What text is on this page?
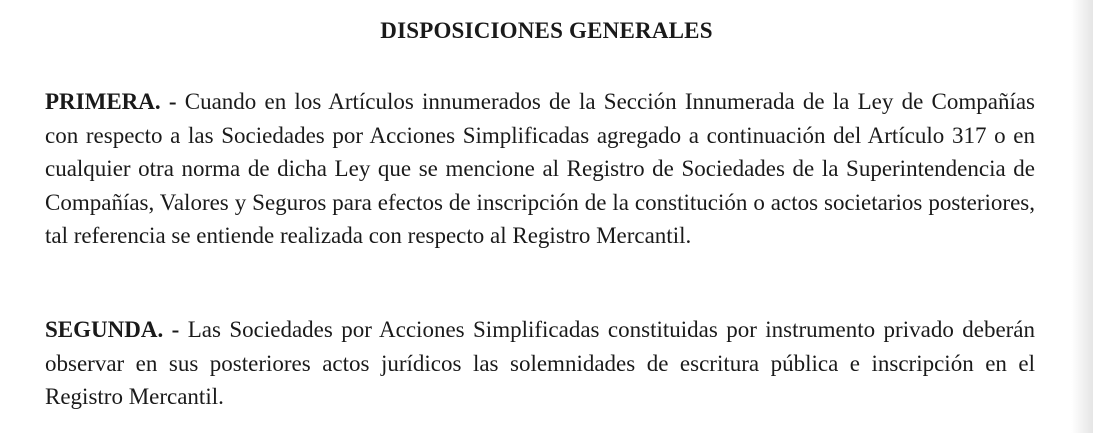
DISPOSICIONES GENERALES
PRIMERA. - Cuando en los Artículos innumerados de la Sección Innumerada de la Ley de Compañías con respecto a las Sociedades por Acciones Simplificadas agregado a continuación del Artículo 317 o en cualquier otra norma de dicha Ley que se mencione al Registro de Sociedades de la Superintendencia de Compañías, Valores y Seguros para efectos de inscripción de la constitución o actos societarios posteriores, tal referencia se entiende realizada con respecto al Registro Mercantil.
SEGUNDA. - Las Sociedades por Acciones Simplificadas constituidas por instrumento privado deberán observar en sus posteriores actos jurídicos las solemnidades de escritura pública e inscripción en el Registro Mercantil.
